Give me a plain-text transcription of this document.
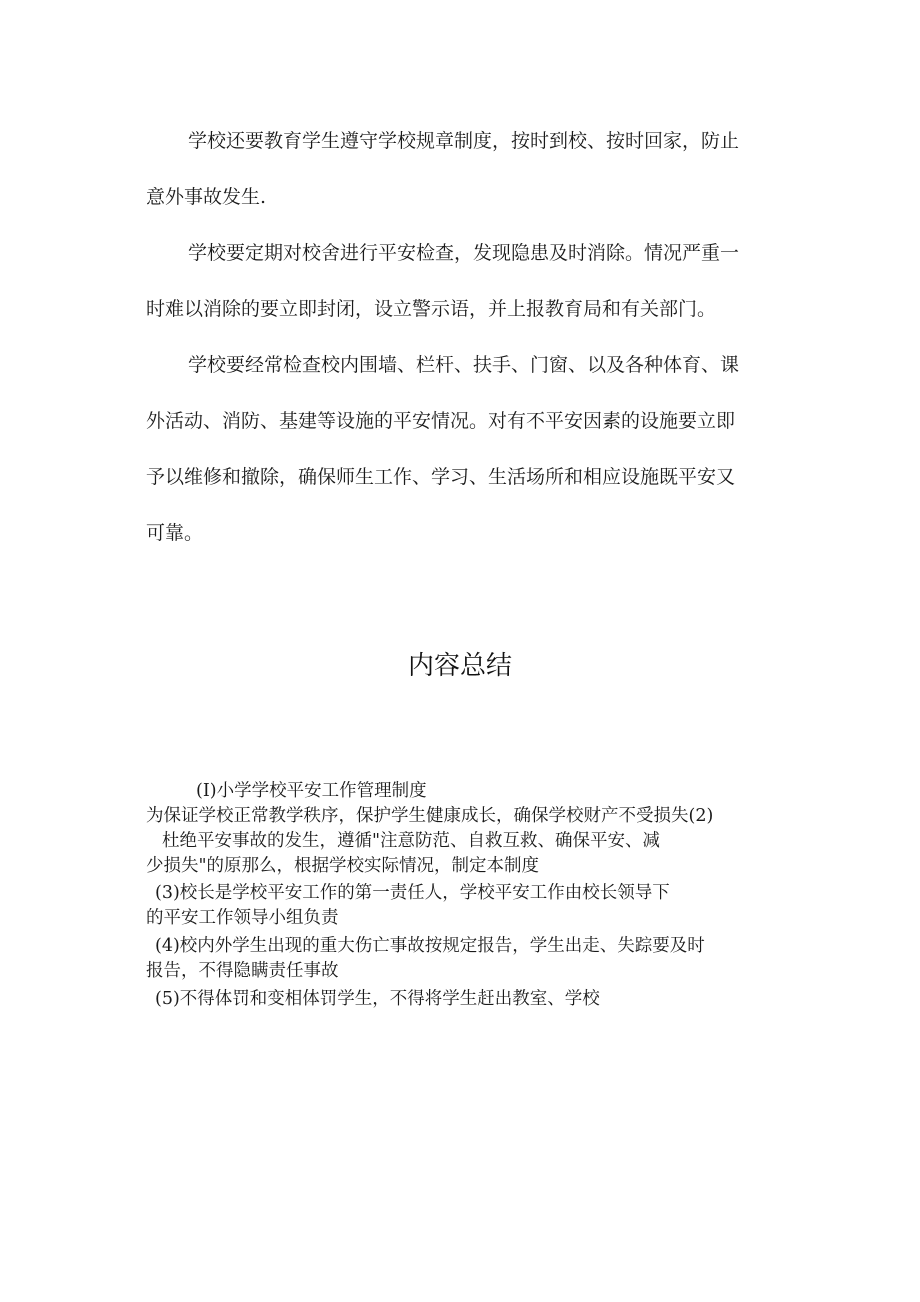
学校还要教育学生遵守学校规章制度，按时到校、按时回家，防止
意外事故发生.
学校要定期对校舍进行平安检查，发现隐患及时消除。情况严重一
时难以消除的要立即封闭，设立警示语，并上报教育局和有关部门。
学校要经常检查校内围墙、栏杆、扶手、门窗、以及各种体育、课
外活动、消防、基建等设施的平安情况。对有不平安因素的设施要立即
予以维修和撤除，确保师生工作、学习、生活场所和相应设施既平安又
可靠。
内容总结
(I)小学学校平安工作管理制度
为保证学校正常教学秩序，保护学生健康成长，确保学校财产不受损失(2)
杜绝平安事故的发生，遵循"注意防范、自救互救、确保平安、减
少损失"的原那么，根据学校实际情况，制定本制度
(3)校长是学校平安工作的第一责任人，学校平安工作由校长领导下
的平安工作领导小组负责
(4)校内外学生出现的重大伤亡事故按规定报告，学生出走、失踪要及时
报告，不得隐瞒责任事故
(5)不得体罚和变相体罚学生，不得将学生赶出教室、学校
